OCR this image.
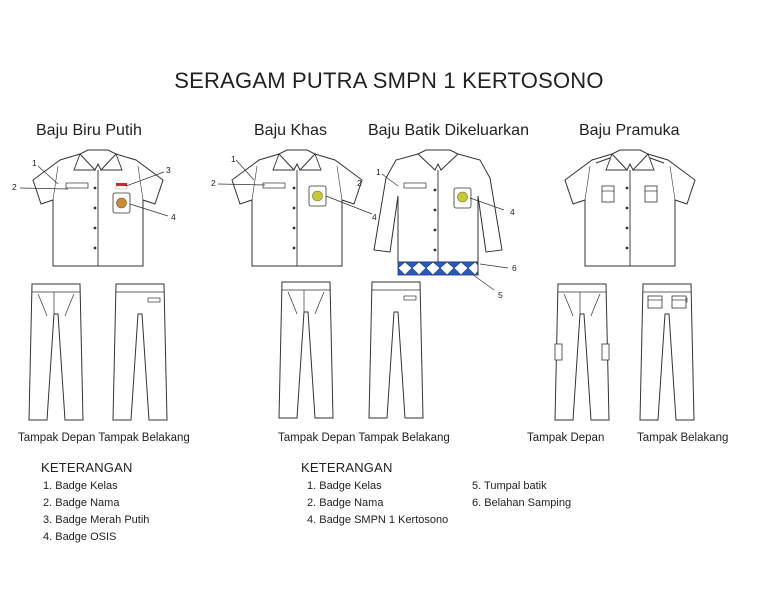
SERAGAM PUTRA SMPN 1 KERTOSONO
Baju Biru Putih	Baju Khas	Baju Batik Dikeluarkan	Baju Pramuka
1
2
3
4
1
2	2
4
1
4
6
5
Tampak Depan Tampak Belakang	Tampak Depan Tampak Belakang	Tampak Depan	Tampak Belakang
KETERANGAN
1. Badge Kelas
2. Badge Nama
3. Badge Merah Putih
4. Badge OSIS
KETERANGAN
1. Badge Kelas
2. Badge Nama
4. Badge SMPN 1 Kertosono
5. Tumpal batik
6. Belahan Samping
